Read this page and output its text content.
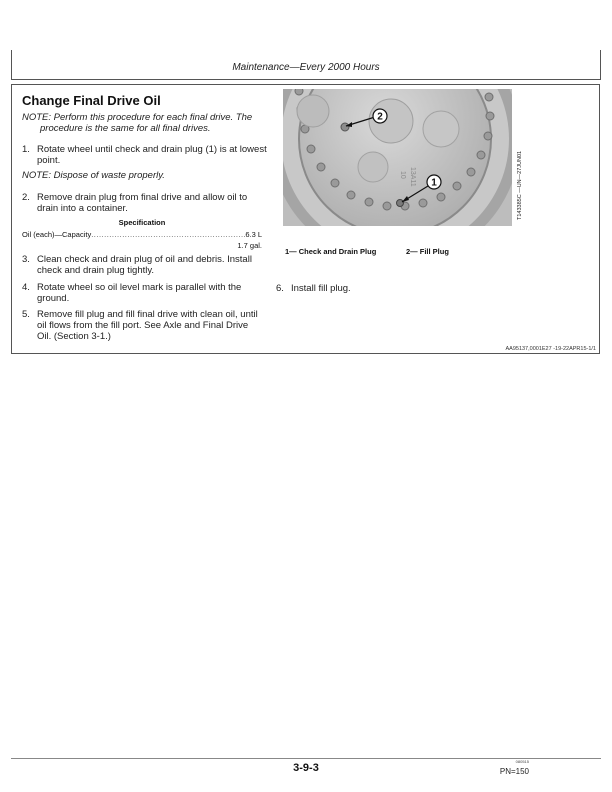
Maintenance—Every 2000 Hours
Change Final Drive Oil
NOTE: Perform this procedure for each final drive. The
procedure is the same for all final drives.
1. Rotate wheel until check and drain plug (1) is at lowest
point.
NOTE: Dispose of waste properly.
2. Remove drain plug from final drive and allow oil to
drain into a container.
Specification
Oil (each)—Capacity
.....	6.3 L
1.7 gal.
3. Clean check and drain plug of oil and debris. Install
check and drain plug tightly.
4. Rotate wheel so oil level mark is parallel with the
ground.
5. Remove fill plug and fill final drive with clean oil, until
oil flows from the fill port. See Axle and Final Drive
Oil. (Section 3-1.)
13A11
10
2
1	T143385C —UN—27JUN01
1— Check and Drain Plug	2— Fill Plug
6. Install fill plug.
AA95137,0001E27 -19-22APR15-1/1
3-9-3
080515
PN=150
